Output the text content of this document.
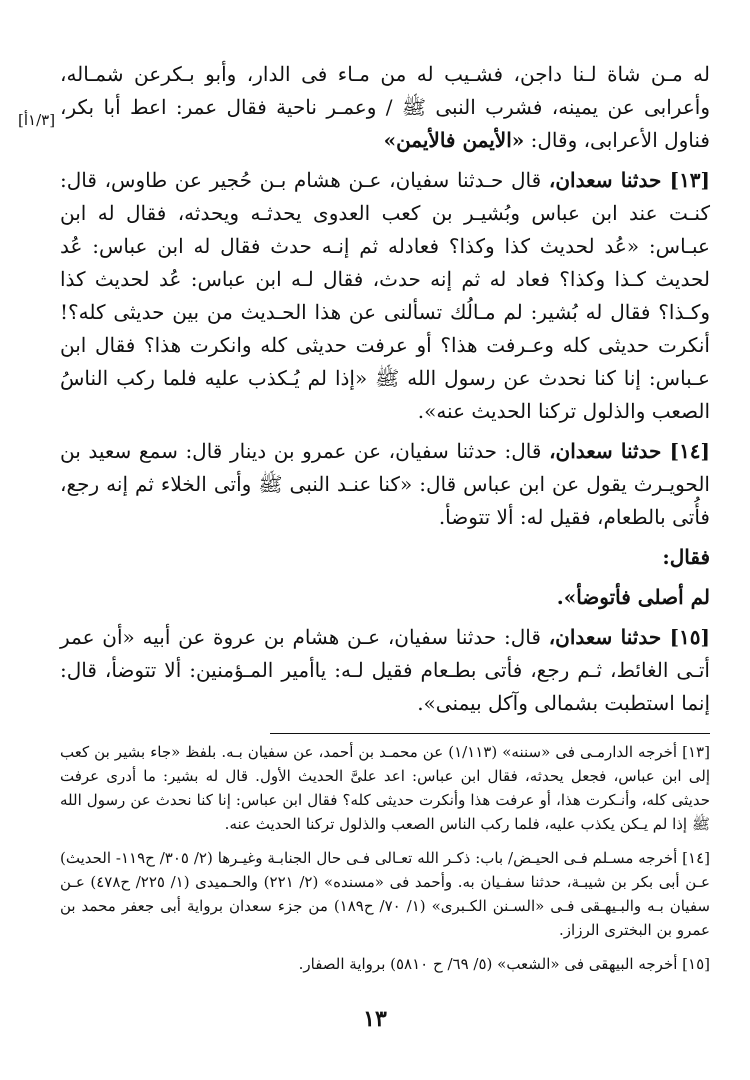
[١/٣أ]

له مـن شاة لـنا داجن، فشـيب له من مـاء فى الدار، وأبو بـكرعن شمـاله، وأعرابى عن يمينه، فشرب النبى ﷺ / وعمـر ناحية فقال عمر: اعط أبا بكر، فناول الأعرابى، وقال: «الأيمن فالأيمن»

[١٣] حدثنا سعدان، قال حـدثنا سفيان، عـن هشام بـن حُجير عن طاوس، قال: كنـت عند ابن عباس وبُشيـر بن كعب العدوى يحدثـه ويحدثه، فقال له ابن عبـاس: «عُد لحديث كذا وكذا؟ فعادله ثم إنـه حدث فقال له ابن عباس: عُد لحديث كـذا وكذا؟ فعاد له ثم إنه حدث، فقال لـه ابن عباس: عُد لحديث كذا وكـذا؟ فقال له بُشير: لم مـالُك تسألنى عن هذا الحـديث من بين حديثى كله؟! أنكرت حديثى كله وعـرفت هذا؟ أو عرفت حديثى كله وانكرت هذا؟ فقال ابن عـباس: إنا كنا نحدث عن رسول الله ﷺ «إذا لم يُـكذب عليه فلما ركب الناسُ الصعب والذلول تركنا الحديث عنه».

[١٤] حدثنا سعدان، قال: حدثنا سفيان، عن عمرو بن دينار قال: سمع سعيد بن الحويـرث يقول عن ابن عباس قال: «كنا عنـد النبى ﷺ وأتى الخلاء ثم إنه رجع، فأُتى بالطعام، فقيل له: ألا تتوضأ.

فقال:

لم أصلى فأتوضأ».

[١٥] حدثنا سعدان، قال: حدثنا سفيان، عـن هشام بن عروة عن أبيه «أن عمر أتـى الغائط، ثـم رجع، فأتى بطـعام فقيل لـه: ياأمير المـؤمنين: ألا تتوضأ، قال: إنما استطبت بشمالى وآكل بيمنى».

[١٣] أخرجه الدارمـى فى «سننه» (١/١١٣) عن محمـد بن أحمد، عن سفيان بـه. بلفظ «جاء بشير بن كعب إلى ابن عباس، فجعل يحدثه، فقال ابن عباس: اعد علىَّ الحديث الأول. قال له بشير: ما أدرى عرفت حديثى كله، وأنـكرت هذا، أو عرفت هذا وأنكرت حديثى كله؟ فقال ابن عباس: إنا كنا نحدث عن رسول الله ﷺ إذا لم يـكن يكذب عليه، فلما ركب الناس الصعب والذلول تركنا الحديث عنه.

[١٤] أخرجه مسـلم فـى الحيـض/ باب: ذكـر الله تعـالى فـى حال الجنابـة وغيـرها (٢/ ٣٠٥/ ح١١٩- الحديث) عـن أبى بكر بن شيبـة، حدثنا سفـيان به. وأحمد فى «مسنده» (٢/ ٢٢١) والحـميدى (١/ ٢٢٥/ ح٤٧٨) عـن سفيان بـه والبـيهـقى فـى «السـنن الكـبرى» (١/ ٧٠/ ح١٨٩) من جزء سعدان برواية أبى جعفر محمد بن عمرو بن البخترى الرزاز.

[١٥] أخرجه البيهقى فى «الشعب» (٥/ ٦٩/ ح ٥٨١٠) برواية الصفار.

١٣
